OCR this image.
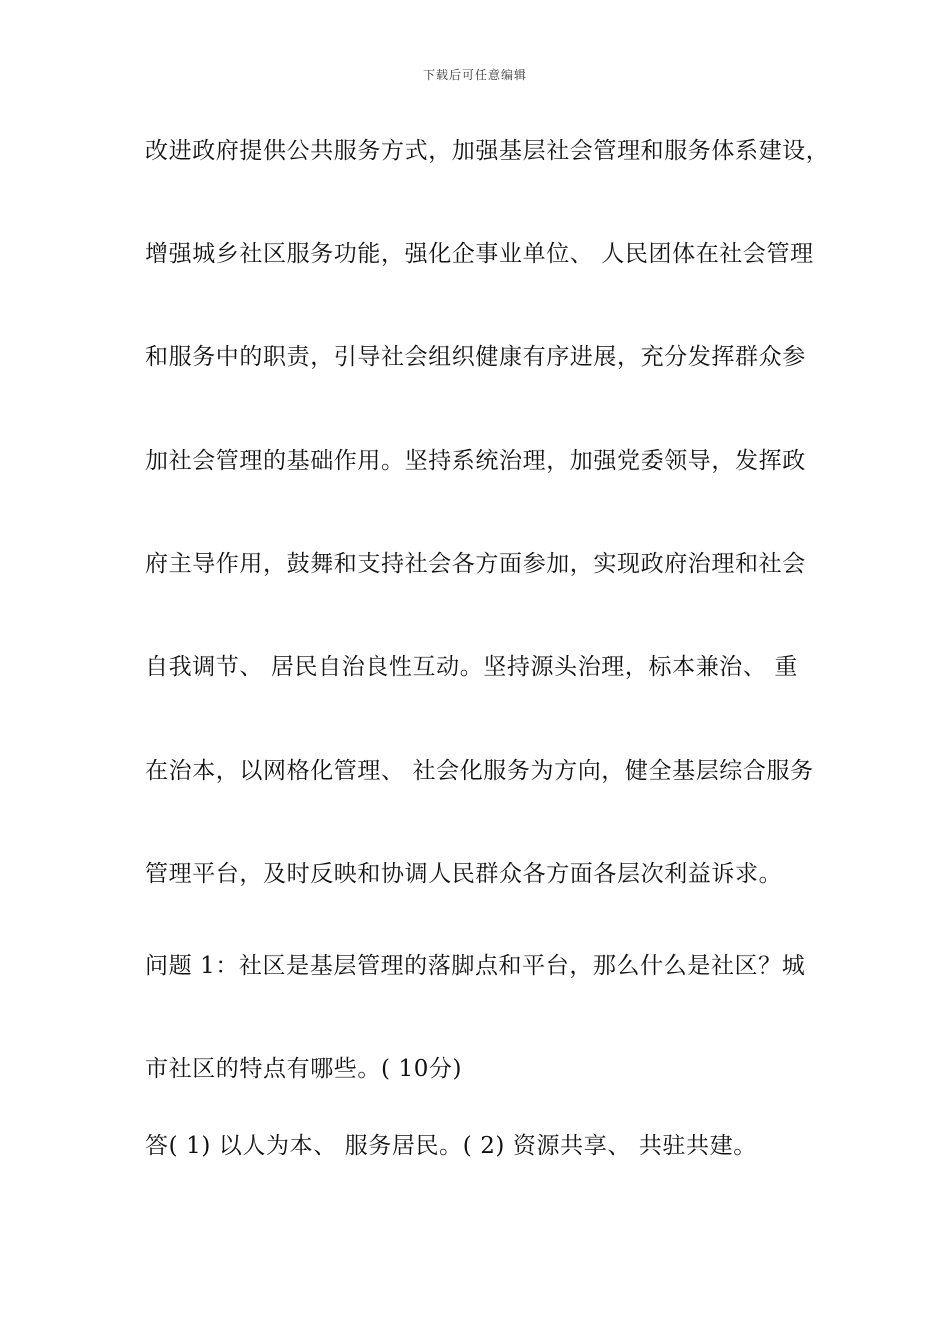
下载后可任意编辑
改进政府提供公共服务方式，加强基层社会管理和服务体系建设，
增强城乡社区服务功能，强化企事业单位、 人民团体在社会管理
和服务中的职责，引导社会组织健康有序进展，充分发挥群众参
加社会管理的基础作用。坚持系统治理，加强党委领导，发挥政
府主导作用，鼓舞和支持社会各方面参加，实现政府治理和社会
自我调节、 居民自治良性互动。坚持源头治理，标本兼治、 重
在治本，以网格化管理、 社会化服务为方向，健全基层综合服务
管理平台，及时反映和协调人民群众各方面各层次利益诉求。
问题 1：社区是基层管理的落脚点和平台，那么什么是社区？城
市社区的特点有哪些。( 10分)
答( 1) 以人为本、 服务居民。( 2) 资源共享、 共驻共建。
